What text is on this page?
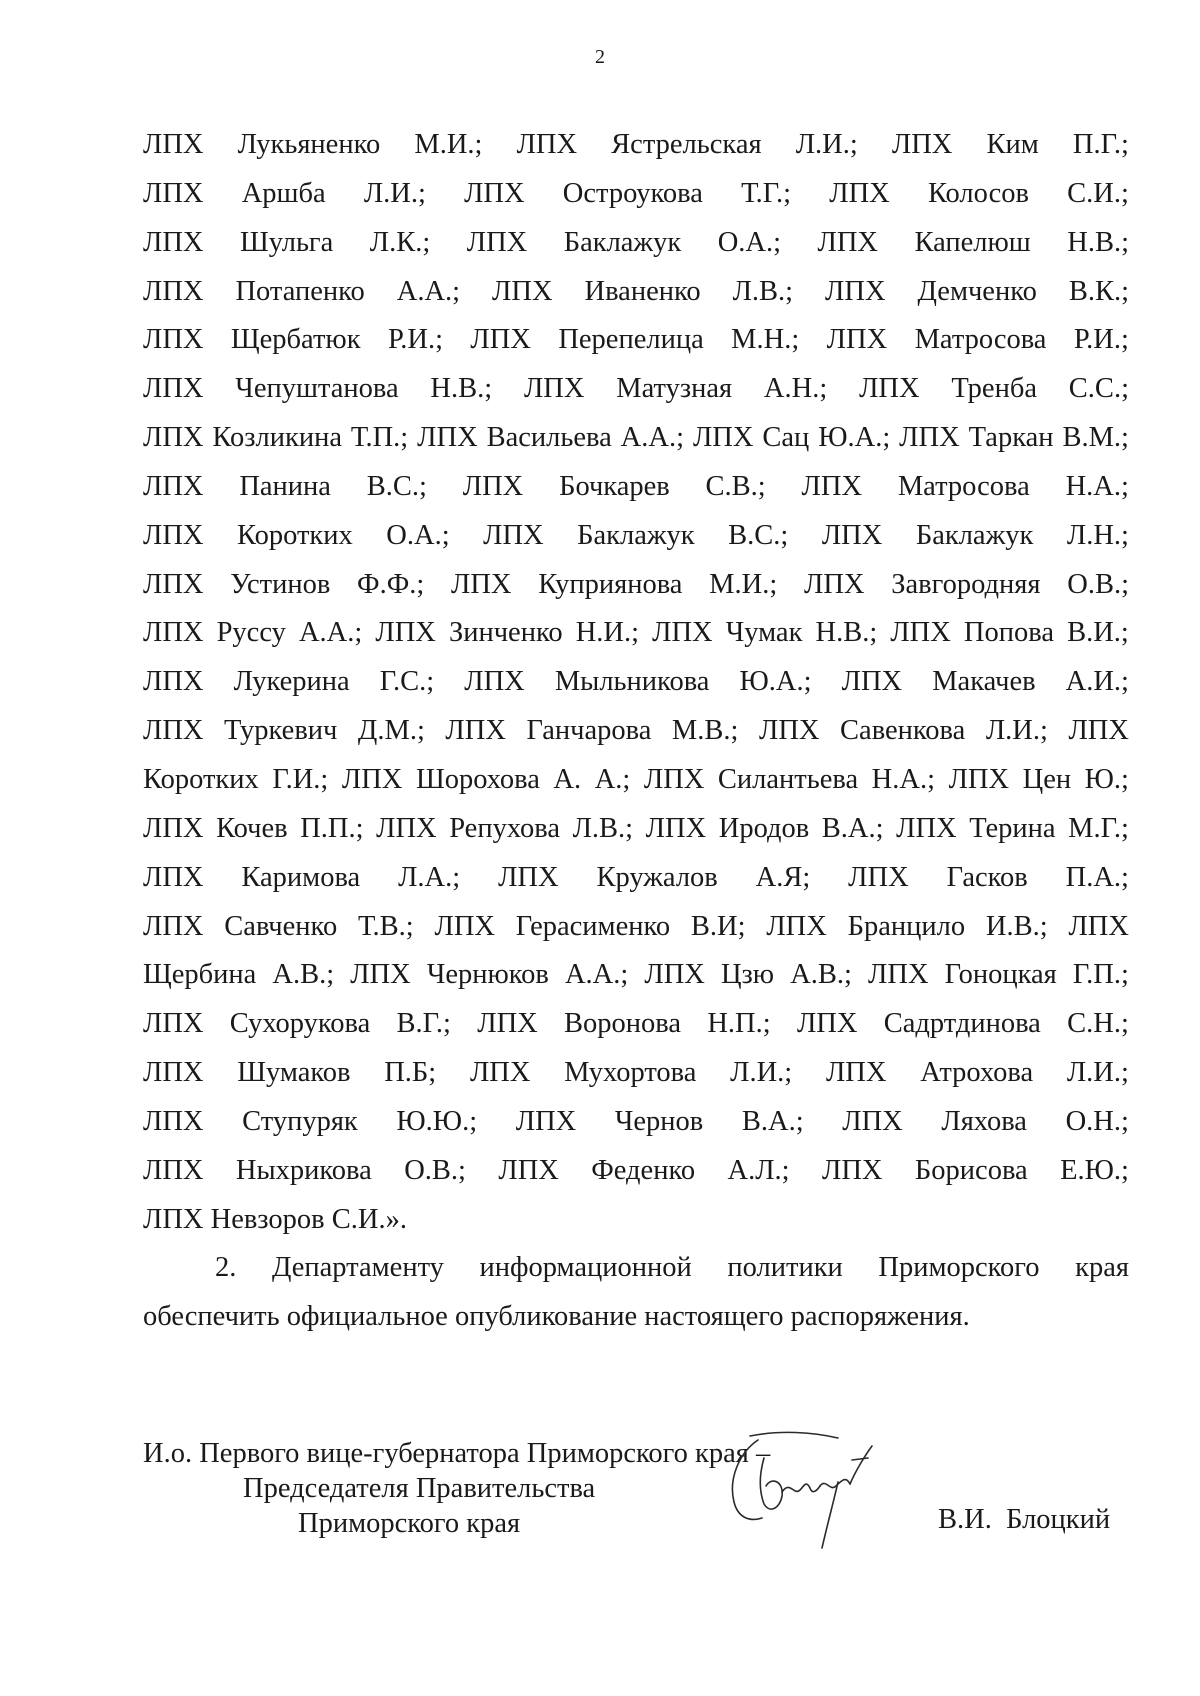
2
ЛПХ Лукьяненко М.И.; ЛПХ Ястрельская Л.И.; ЛПХ Ким П.Г.;
ЛПХ Аршба Л.И.; ЛПХ Остроукова Т.Г.; ЛПХ Колосов С.И.;
ЛПХ Шульга Л.К.; ЛПХ Баклажук О.А.; ЛПХ Капелюш Н.В.;
ЛПХ Потапенко А.А.; ЛПХ Иваненко Л.В.; ЛПХ Демченко В.К.;
ЛПХ Щербатюк Р.И.; ЛПХ Перепелица М.Н.; ЛПХ Матросова Р.И.;
ЛПХ Чепуштанова Н.В.; ЛПХ Матузная А.Н.; ЛПХ Тренба С.С.;
ЛПХ Козликина Т.П.; ЛПХ Васильева А.А.; ЛПХ Сац Ю.А.; ЛПХ Таркан В.М.;
ЛПХ Панина В.С.; ЛПХ Бочкарев С.В.; ЛПХ Матросова Н.А.;
ЛПХ Коротких О.А.; ЛПХ Баклажук В.С.; ЛПХ Баклажук Л.Н.;
ЛПХ Устинов Ф.Ф.; ЛПХ Куприянова М.И.; ЛПХ Завгородняя О.В.;
ЛПХ Руссу А.А.; ЛПХ Зинченко Н.И.; ЛПХ Чумак Н.В.; ЛПХ Попова В.И.;
ЛПХ Лукерина Г.С.; ЛПХ Мыльникова Ю.А.; ЛПХ Макачев А.И.;
ЛПХ Туркевич Д.М.; ЛПХ Ганчарова М.В.; ЛПХ Савенкова Л.И.; ЛПХ
Коротких Г.И.; ЛПХ Шорохова А. А.; ЛПХ Силантьева Н.А.; ЛПХ Цен Ю.;
ЛПХ Кочев П.П.; ЛПХ Репухова Л.В.; ЛПХ Иродов В.А.; ЛПХ Терина М.Г.;
ЛПХ Каримова Л.А.; ЛПХ Кружалов А.Я; ЛПХ Гасков П.А.;
ЛПХ Савченко Т.В.; ЛПХ Герасименко В.И; ЛПХ Бранцило И.В.; ЛПХ
Щербина А.В.; ЛПХ Чернюков А.А.; ЛПХ Цзю А.В.; ЛПХ Гоноцкая Г.П.;
ЛПХ Сухорукова В.Г.; ЛПХ Воронова Н.П.; ЛПХ Садртдинова С.Н.;
ЛПХ Шумаков П.Б; ЛПХ Мухортова Л.И.; ЛПХ Атрохова Л.И.;
ЛПХ Ступуряк Ю.Ю.; ЛПХ Чернов В.А.; ЛПХ Ляхова О.Н.;
ЛПХ Ныхрикова О.В.; ЛПХ Феденко А.Л.; ЛПХ Борисова Е.Ю.;
ЛПХ Невзоров С.И.».
2. Департаменту информационной политики Приморского края
обеспечить официальное опубликование настоящего распоряжения.
И.о. Первого вице-губернатора Приморского края –
Председателя Правительства
Приморского края	В.И.  Блоцкий
